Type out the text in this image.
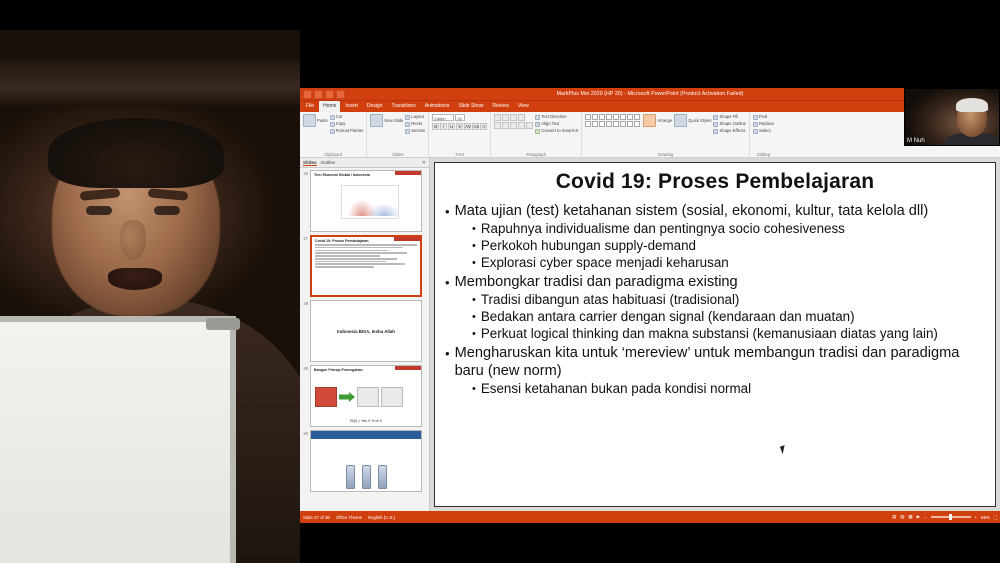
MarkPlus Mei 2020 (HP 30) - Microsoft PowerPoint (Product Activation Failed)
File	Home	Insert	Design	Transitions	Animations	Slide Show	Review	View
Paste
Cut
Copy
Format Painter
Clipboard
New Slide
Layout
Reset
Section
Slides
Calibri	18
B	I	U	S AV Aa A
Font
Text Direction
Align Text
Convert to SmartArt
Paragraph
Arrange	Quick Styles
Shape Fill
Shape Outline
Shape Effects
Drawing
Find
Replace
Select
Editing
Slides Outline	✕
26	Tren Ekonomi Global / Indonesia
27	Covid 19: Proses Pembelajaran
28
Indonesia BISA, Insha Allah
29	Bangun Prinsip Pencegahan
R(0) = Yes X % of X
30
Covid 19: Proses Pembelajaran
• Mata ujian (test) ketahanan sistem (sosial, ekonomi, kultur, tata kelola dll)
• Rapuhnya individualisme dan pentingnya socio cohesiveness
• Perkokoh hubungan supply-demand
• Explorasi cyber space menjadi keharusan
• Membongkar tradisi dan paradigma existing
• Tradisi dibangun atas habituasi (tradisional)
• Bedakan antara carrier dengan signal (kendaraan dan muatan)
• Perkuat logical thinking dan makna substansi (kemanusiaan diatas yang lain)
• Mengharuskan kita untuk ‘mereview’ untuk membangun tradisi dan paradigma baru (new norm)
• Esensi ketahanan bukan pada kondisi normal
Slide 27 of 36 Office Theme English (U.S.)	▤ ▥ ▦ ▶ −	+ 66% ⛶
M Nuh
zoom
